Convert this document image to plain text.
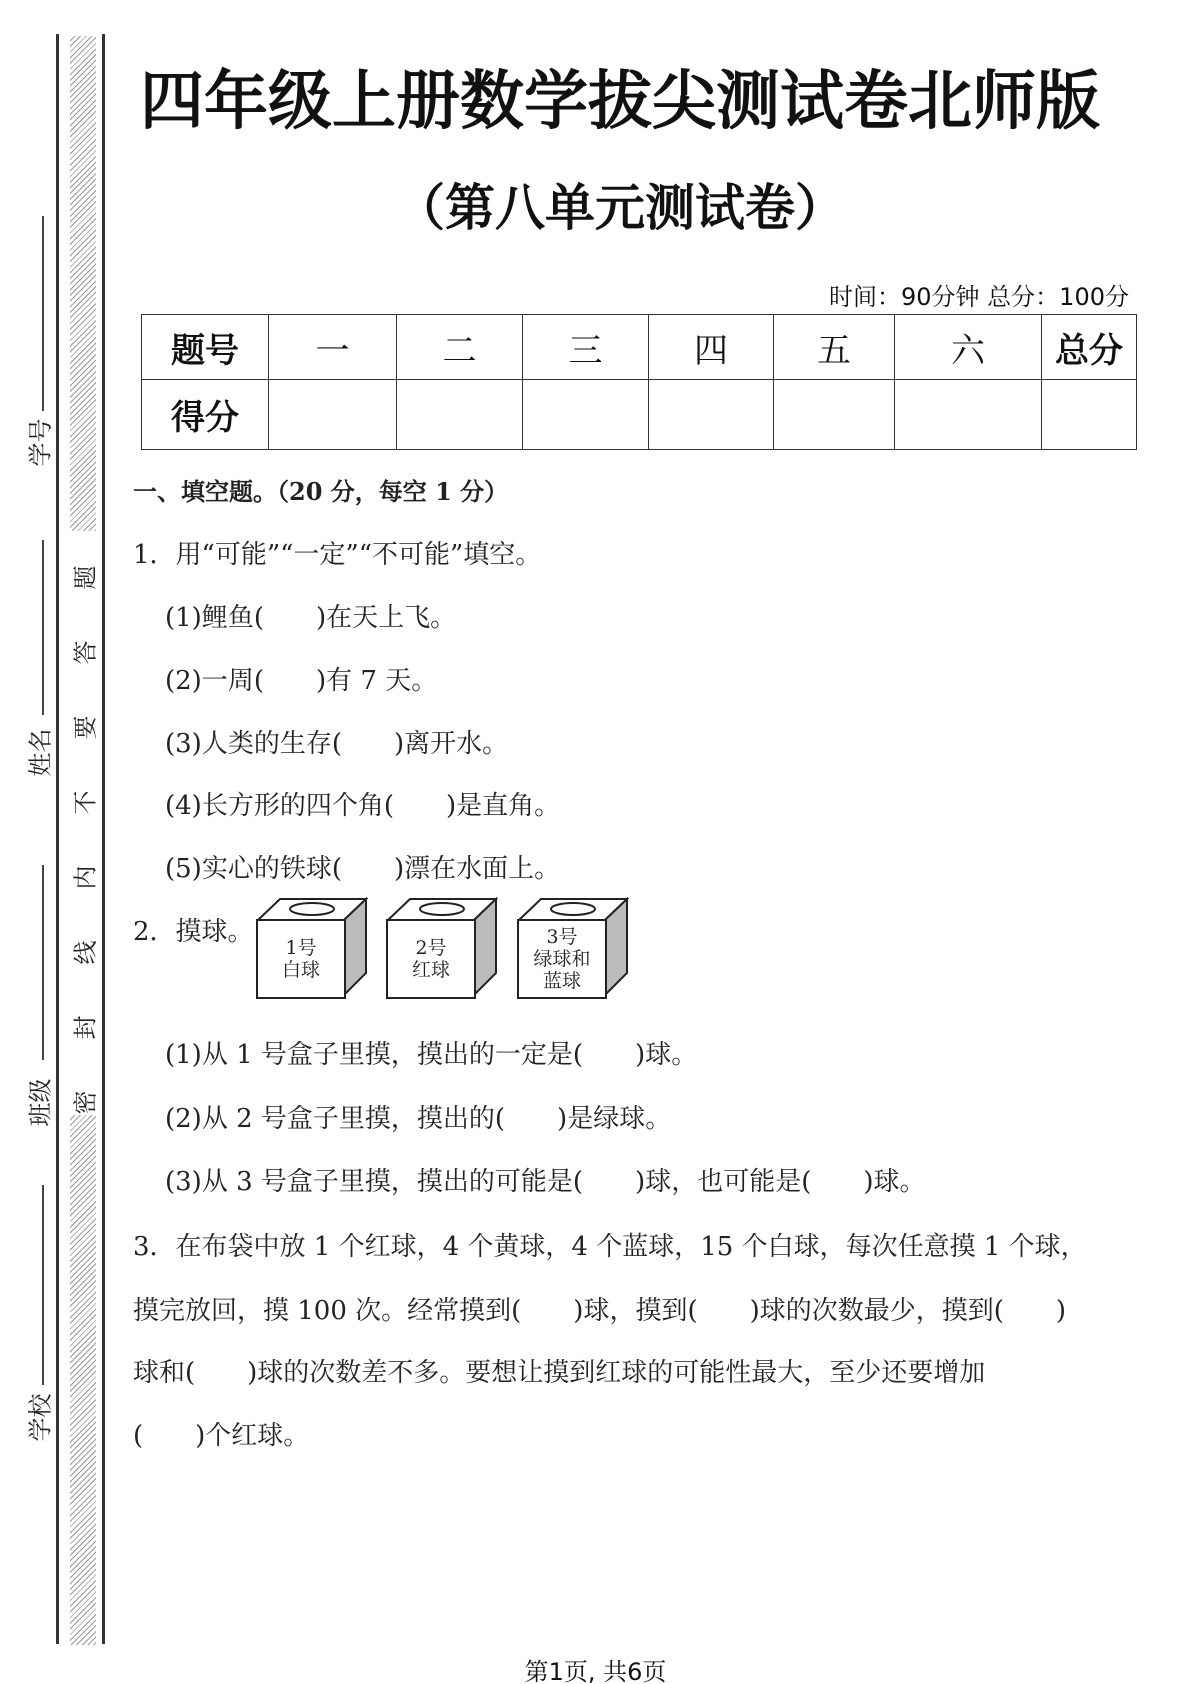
题
答
要
不
内
线
封
密
学号
姓名
班级
学校
四年级上册数学拔尖测试卷北师版
（第八单元测试卷）
时间：90分钟 总分：100分
题号	一	二	三	四	五	六	总分
得分							
一、填空题。（20 分，每空 1 分）
1．用“可能”“一定”“不可能”填空。
(1)鲤鱼(　　)在天上飞。
(2)一周(　　)有 7 天。
(3)人类的生存(　　)离开水。
(4)长方形的四个角(　　)是直角。
(5)实心的铁球(　　)漂在水面上。
2．摸球。
1号
白球
2号
红球
3号
绿球和
蓝球
(1)从 1 号盒子里摸，摸出的一定是(　　)球。
(2)从 2 号盒子里摸，摸出的(　　)是绿球。
(3)从 3 号盒子里摸，摸出的可能是(　　)球，也可能是(　　)球。
3．在布袋中放 1 个红球，4 个黄球，4 个蓝球，15 个白球，每次任意摸 1 个球，
摸完放回，摸 100 次。经常摸到(　　)球，摸到(　　)球的次数最少，摸到(　　)
球和(　　)球的次数差不多。要想让摸到红球的可能性最大，至少还要增加
(　　)个红球。
第1页, 共6页
